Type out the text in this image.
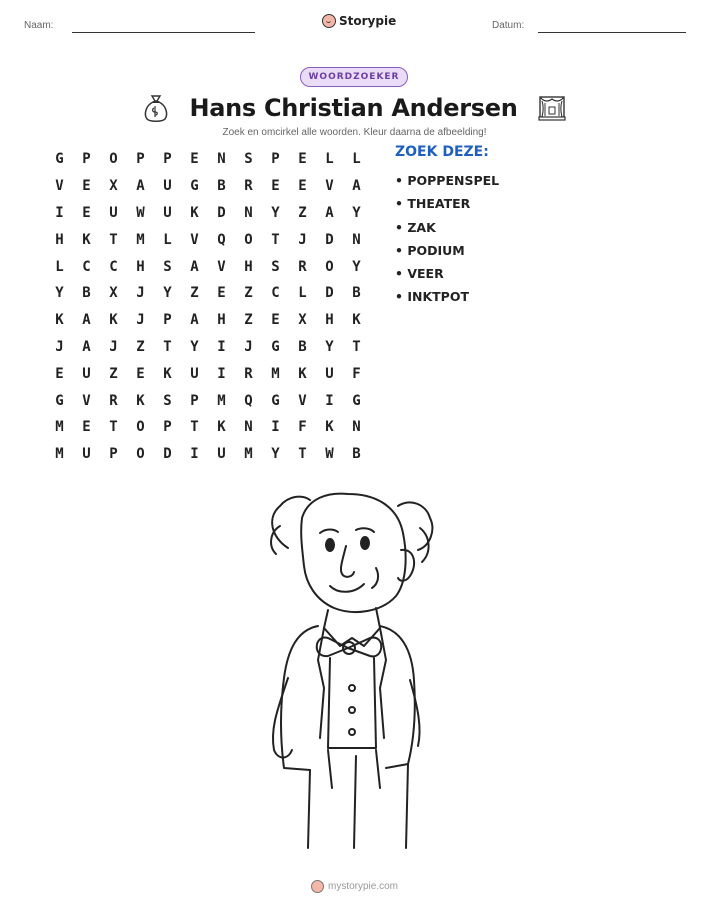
Naam:	Storypie	Datum:
WOORDZOEKER
Hans Christian Andersen
Zoek en omcirkel alle woorden. Kleur daarna de afbeelding!
G	P	O	P	P	E	N	S	P	E	L	L
V	E	X	A	U	G	B	R	E	E	V	A
I	E	U	W	U	K	D	N	Y	Z	A	Y
H	K	T	M	L	V	Q	O	T	J	D	N
L	C	C	H	S	A	V	H	S	R	O	Y
Y	B	X	J	Y	Z	E	Z	C	L	D	B
K	A	K	J	P	A	H	Z	E	X	H	K
J	A	J	Z	T	Y	I	J	G	B	Y	T
E	U	Z	E	K	U	I	R	M	K	U	F
G	V	R	K	S	P	M	Q	G	V	I	G
M	E	T	O	P	T	K	N	I	F	K	N
M	U	P	O	D	I	U	M	Y	T	W	B
ZOEK DEZE:
• POPPENSPEL
• THEATER
• ZAK
• PODIUM
• VEER
• INKTPOT
mystorypie.com
